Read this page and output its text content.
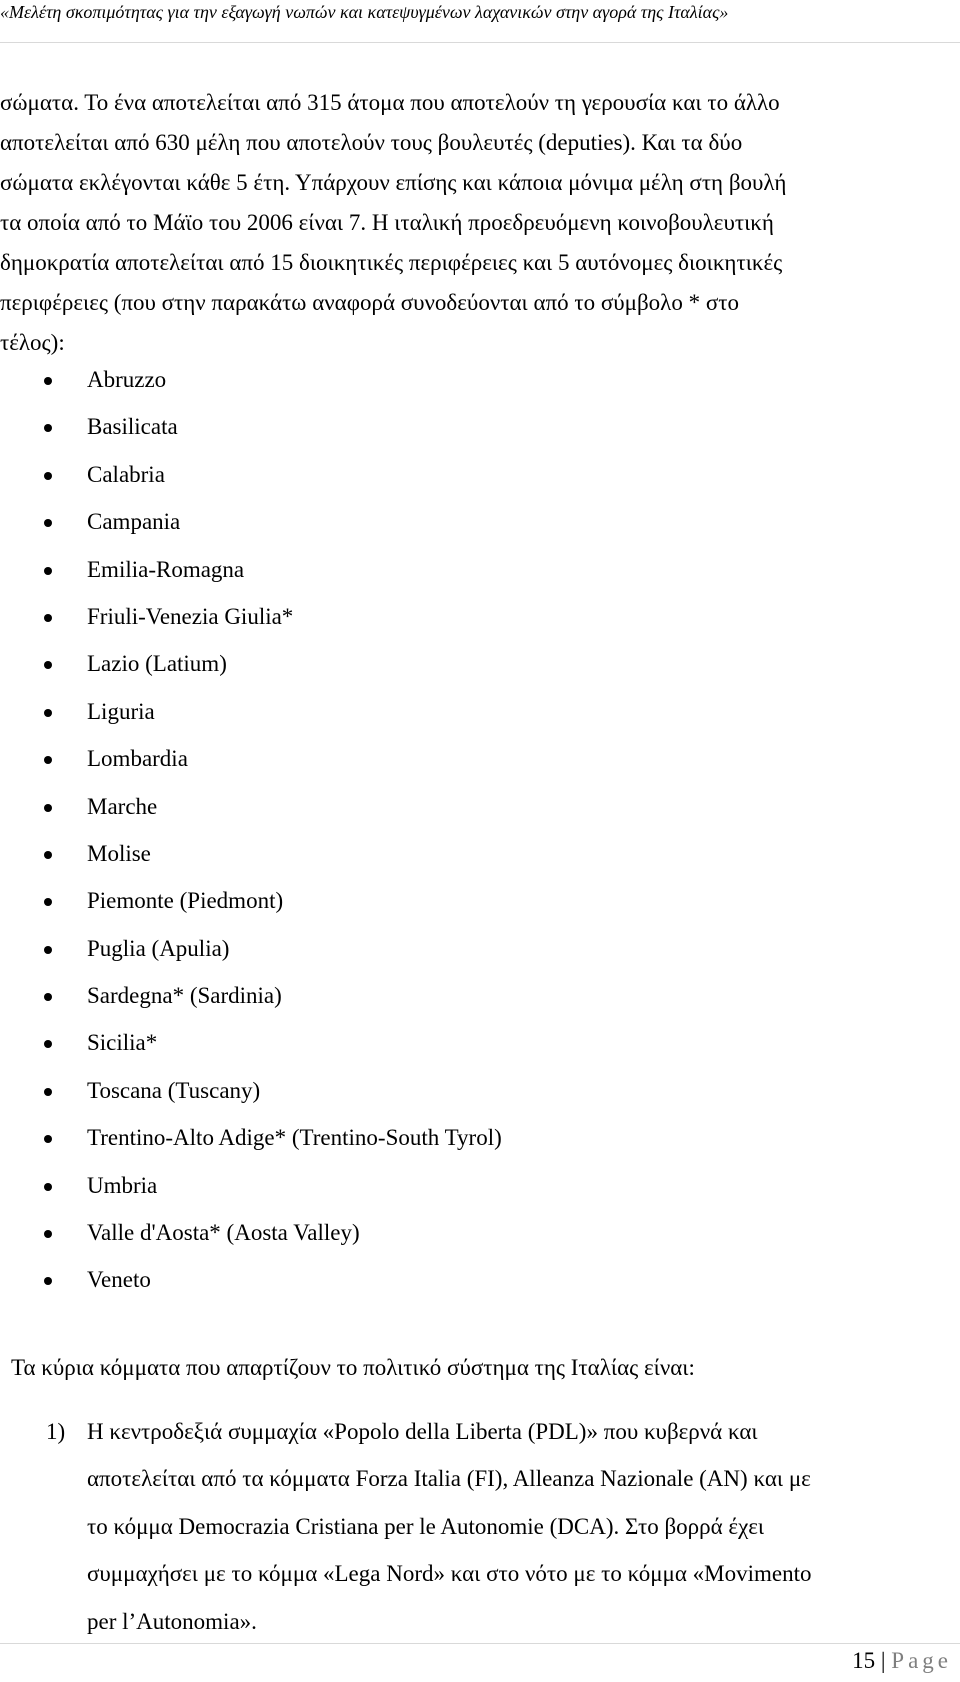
«Μελέτη σκοπιμότητας για την εξαγωγή νωπών και κατεψυγμένων λαχανικών στην αγορά της Ιταλίας»

σώματα. Το ένα αποτελείται από 315 άτομα που αποτελούν τη γερουσία και το άλλο
αποτελείται από 630 μέλη που αποτελούν τους βουλευτές (deputies). Και τα δύο
σώματα εκλέγονται κάθε 5 έτη. Υπάρχουν επίσης και κάποια μόνιμα μέλη στη βουλή
τα οποία από το Μάϊο του 2006 είναι 7. Η ιταλική προεδρευόμενη κοινοβουλευτική
δημοκρατία αποτελείται από 15 διοικητικές περιφέρειες και 5 αυτόνομες διοικητικές
περιφέρειες (που στην παρακάτω αναφορά συνοδεύονται από το σύμβολο * στο
τέλος):

Abruzzo
Basilicata
Calabria
Campania
Emilia-Romagna
Friuli-Venezia Giulia*
Lazio (Latium)
Liguria
Lombardia
Marche
Molise
Piemonte (Piedmont)
Puglia (Apulia)
Sardegna* (Sardinia)
Sicilia*
Toscana (Tuscany)
Trentino-Alto Adige* (Trentino-South Tyrol)
Umbria
Valle d'Aosta* (Aosta Valley)
Veneto

Τα κύρια κόμματα που απαρτίζουν το πολιτικό σύστημα της Ιταλίας είναι:

1) Η κεντροδεξιά συμμαχία «Popolo della Liberta (PDL)» που κυβερνά και
αποτελείται από τα κόμματα Forza Italia (FI), Alleanza Nazionale (AN) και με
το κόμμα Democrazia Cristiana per le Autonomie (DCA). Στο βορρά έχει
συμμαχήσει με το κόμμα «Lega Nord» και στο νότο με το κόμμα «Movimento
per l’Autonomia».
15 | Page
